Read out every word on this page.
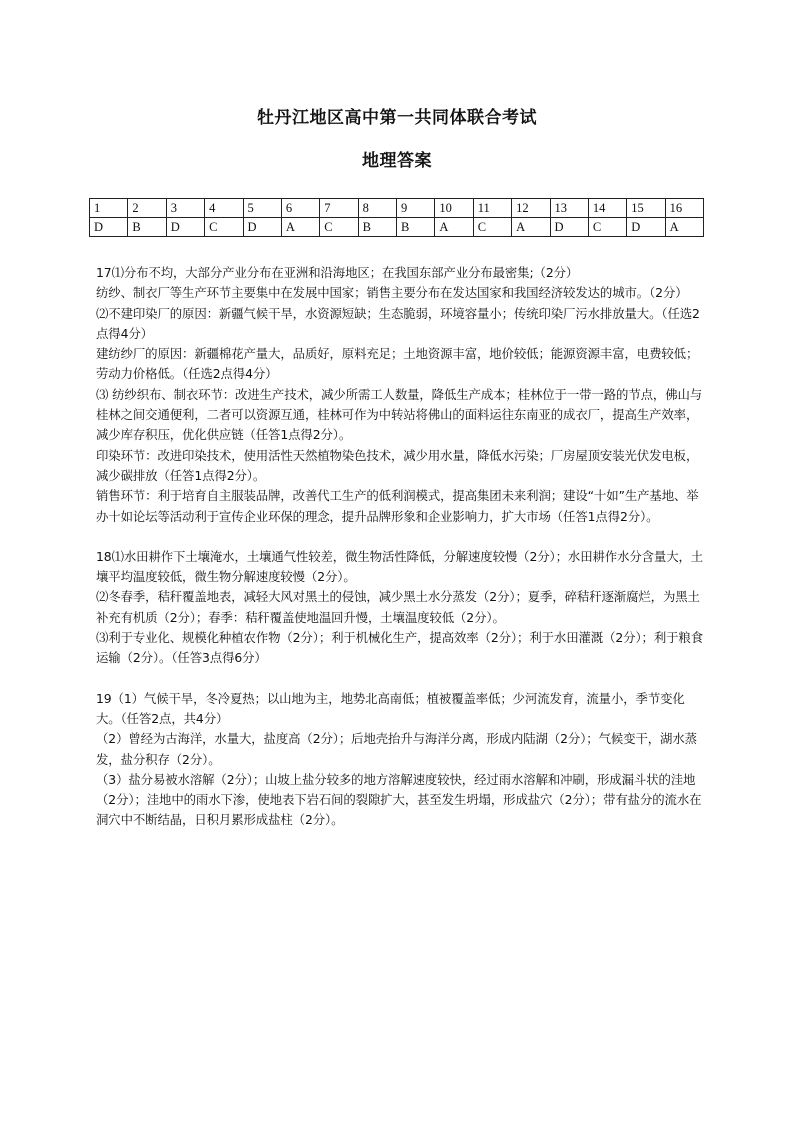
牡丹江地区高中第一共同体联合考试
地理答案
1	2	3	4	5	6	7	8	9	10	11	12	13	14	15	16
D	B	D	C	D	A	C	B	B	A	C	A	D	C	D	A

17⑴分布不均，大部分产业分布在亚洲和沿海地区；在我国东部产业分布最密集;（2分）

纺纱、制衣厂等生产环节主要集中在发展中国家；销售主要分布在发达国家和我国经济较发达的城市。（2分）

⑵不建印染厂的原因：新疆气候干旱，水资源短缺；生态脆弱，环境容量小；传统印染厂污水排放量大。（任选2点得4分）

建纺纱厂的原因：新疆棉花产量大，品质好，原料充足；土地资源丰富，地价较低；能源资源丰富，电费较低；劳动力价格低。（任选2点得4分）

⑶ 纺纱织布、制衣环节：改进生产技术，减少所需工人数量，降低生产成本；桂林位于一带一路的节点，佛山与桂林之间交通便利，二者可以资源互通，桂林可作为中转站将佛山的面料运往东南亚的成衣厂，提高生产效率，减少库存积压，优化供应链（任答1点得2分）。

印染环节：改进印染技术，使用活性天然植物染色技术，减少用水量，降低水污染；厂房屋顶安装光伏发电板，减少碳排放（任答1点得2分）。

销售环节：利于培育自主服装品牌，改善代工生产的低利润模式，提高集团未来利润；建设“十如”生产基地、举办十如论坛等活动利于宣传企业环保的理念，提升品牌形象和企业影响力，扩大市场（任答1点得2分）。

18⑴水田耕作下土壤淹水，土壤通气性较差，微生物活性降低，分解速度较慢（2分）；水田耕作水分含量大，土壤平均温度较低，微生物分解速度较慢（2分）。

⑵冬春季，秸秆覆盖地表，减轻大风对黑土的侵蚀，减少黑土水分蒸发（2分）；夏季，碎秸秆逐渐腐烂，为黑土补充有机质（2分）；春季：秸秆覆盖使地温回升慢，土壤温度较低（2分）。

⑶利于专业化、规模化种植农作物（2分）；利于机械化生产，提高效率（2分）；利于水田灌溉（2分）；利于粮食运输（2分）。（任答3点得6分）

19（1）气候干旱，冬冷夏热；以山地为主，地势北高南低；植被覆盖率低；少河流发育，流量小，季节变化大。（任答2点，共4分）

（2）曾经为古海洋，水量大，盐度高（2分）；后地壳抬升与海洋分离，形成内陆湖（2分）；气候变干，湖水蒸发，盐分积存（2分）。

（3）盐分易被水溶解（2分）；山坡上盐分较多的地方溶解速度较快，经过雨水溶解和冲刷，形成漏斗状的洼地（2分）；洼地中的雨水下渗，使地表下岩石间的裂隙扩大，甚至发生坍塌，形成盐穴（2分）；带有盐分的流水在洞穴中不断结晶，日积月累形成盐柱（2分）。
